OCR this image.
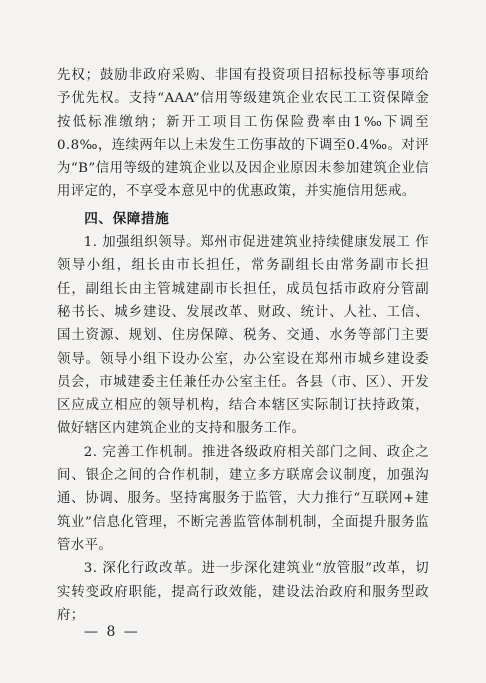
先权；鼓励非政府采购、非国有投资项目招标投标等事项给予优先权。支持“AAA”信用等级建筑企业农民工工资保障金按低标准缴纳；新开工项目工伤保险费率由1‰下调至0.8‰，连续两年以上未发生工伤事故的下调至0.4‰。对评为“B”信用等级的建筑企业以及因企业原因未参加建筑企业信用评定的，不享受本意见中的优惠政策，并实施信用惩戒。

四、保障措施

1. 加强组织领导。郑州市促进建筑业持续健康发展工 作领导小组，组长由市长担任，常务副组长由常务副市长担任，副组长由主管城建副市长担任，成员包括市政府分管副秘书长、城乡建设、发展改革、财政、统计、人社、工信、国土资源、规划、住房保障、税务、交通、水务等部门主要领导。领导小组下设办公室，办公室设在郑州市城乡建设委员会，市城建委主任兼任办公室主任。各县（市、区）、开发区应成立相应的领导机构，结合本辖区实际制订扶持政策，做好辖区内建筑企业的支持和服务工作。

2. 完善工作机制。推进各级政府相关部门之间、政企之间、银企之间的合作机制，建立多方联席会议制度，加强沟通、协调、服务。坚持寓服务于监管，大力推行“互联网+建筑业”信息化管理，不断完善监管体制机制，全面提升服务监管水平。

3. 深化行政改革。进一步深化建筑业“放管服”改革，切实转变政府职能，提高行政效能，建设法治政府和服务型政府；

— 8 —
